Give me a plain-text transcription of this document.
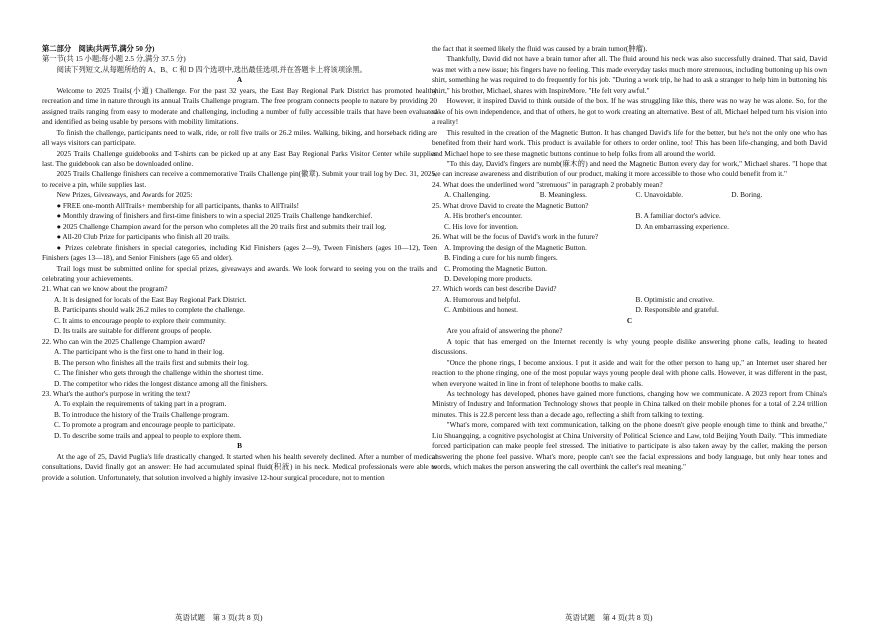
第二部分　阅读(共两节,满分 50 分)

第一节(共 15 小题;每小题 2.5 分,满分 37.5 分)

阅读下列短文,从每题所给的 A、B、C 和 D 四个选项中,选出最佳选项,并在答题卡上将该项涂黑。

A

Welcome to 2025 Trails(小道) Challenge. For the past 32 years, the East Bay Regional Park District has promoted healthy recreation and time in nature through its annual Trails Challenge program. The free program connects people to nature by providing 20 assigned trails ranging from easy to moderate and challenging, including a number of fully accessible trails that have been evaluated and identified as being usable by persons with mobility limitations.

To finish the challenge, participants need to walk, ride, or roll five trails or 26.2 miles. Walking, biking, and horseback riding are all ways visitors can participate.

2025 Trails Challenge guidebooks and T-shirts can be picked up at any East Bay Regional Parks Visitor Center while supplies last. The guidebook can also be downloaded online.

2025 Trails Challenge finishers can receive a commemorative Trails Challenge pin(徽章). Submit your trail log by Dec. 31, 2025, to receive a pin, while supplies last.

New Prizes, Giveaways, and Awards for 2025:

● FREE one-month AllTrails+ membership for all participants, thanks to AllTrails!

● Monthly drawing of finishers and first-time finishers to win a special 2025 Trails Challenge handkerchief.

● 2025 Challenge Champion award for the person who completes all the 20 trails first and submits their trail log.

● All-20 Club Prize for participants who finish all 20 trails.

● Prizes celebrate finishers in special categories, including Kid Finishers (ages 2—9), Tween Finishers (ages 10—12), Teen Finishers (ages 13—18), and Senior Finishers (age 65 and older).

Trail logs must be submitted online for special prizes, giveaways and awards. We look forward to seeing you on the trails and celebrating your achievements.

21. What can we know about the program?

A. It is designed for locals of the East Bay Regional Park District.

B. Participants should walk 26.2 miles to complete the challenge.

C. It aims to encourage people to explore their community.

D. Its trails are suitable for different groups of people.

22. Who can win the 2025 Challenge Champion award?

A. The participant who is the first one to hand in their log.

B. The person who finishes all the trails first and submits their log.

C. The finisher who gets through the challenge within the shortest time.

D. The competitor who rides the longest distance among all the finishers.

23. What's the author's purpose in writing the text?

A. To explain the requirements of taking part in a program.

B. To introduce the history of the Trails Challenge program.

C. To promote a program and encourage people to participate.

D. To describe some trails and appeal to people to explore them.

B

At the age of 25, David Puglia's life drastically changed. It started when his health severely declined. After a number of medical consultations, David finally got an answer: He had accumulated spinal fluid(积液) in his neck. Medical professionals were able to provide a solution. Unfortunately, that solution involved a highly invasive 12-hour surgical procedure, not to mention

the fact that it seemed likely the fluid was caused by a brain tumor(肿瘤).

Thankfully, David did not have a brain tumor after all. The fluid around his neck was also successfully drained. That said, David was met with a new issue; his fingers have no feeling. This made everyday tasks much more strenuous, including buttoning up his own shirt, something he was required to do frequently for his job. "During a work trip, he had to ask a stranger to help him in buttoning his shirt," his brother, Michael, shares with InspireMore. "He felt very awful."

However, it inspired David to think outside of the box. If he was struggling like this, there was no way he was alone. So, for the sake of his own independence, and that of others, he got to work creating an alternative. Best of all, Michael helped turn his vision into a reality!

This resulted in the creation of the Magnetic Button. It has changed David's life for the better, but he's not the only one who has benefited from their hard work. This product is available for others to order online, too! This has been life-changing, and both David and Michael hope to see these magnetic buttons continue to help folks from all around the world.

"To this day, David's fingers are numb(麻木的) and need the Magnetic Button every day for work," Michael shares. "I hope that we can increase awareness and distribution of our product, making it more accessible to those who could benefit from it."

24. What does the underlined word "strenuous" in paragraph 2 probably mean?

A. Challenging.	B. Meaningless.	C. Unavoidable.	D. Boring.

25. What drove David to create the Magnetic Button?

A. His brother's encounter.	B. A familiar doctor's advice.
C. His love for invention.	D. An embarrassing experience.

26. What will be the focus of David's work in the future?

A. Improving the design of the Magnetic Button.

B. Finding a cure for his numb fingers.

C. Promoting the Magnetic Button.

D. Developing more products.

27. Which words can best describe David?

A. Humorous and helpful.	B. Optimistic and creative.
C. Ambitious and honest.	D. Responsible and grateful.

C

Are you afraid of answering the phone?

A topic that has emerged on the Internet recently is why young people dislike answering phone calls, leading to heated discussions.

"Once the phone rings, I become anxious. I put it aside and wait for the other person to hang up," an Internet user shared her reaction to the phone ringing, one of the most popular ways young people deal with phone calls. However, it was different in the past, when everyone waited in line in front of telephone booths to make calls.

As technology has developed, phones have gained more functions, changing how we communicate. A 2023 report from China's Ministry of Industry and Information Technology shows that people in China talked on their mobile phones for a total of 2.24 trillion minutes. This is 22.8 percent less than a decade ago, reflecting a shift from talking to texting.

"What's more, compared with text communication, talking on the phone doesn't give people enough time to think and breathe," Liu Shuangqing, a cognitive psychologist at China University of Political Science and Law, told Beijing Youth Daily. "This immediate forced participation can make people feel stressed. The initiative to participate is also taken away by the caller, making the person answering the phone feel passive. What's more, people can't see the facial expressions and body language, but only hear tones and words, which makes the person answering the call overthink the caller's real meaning."

英语试题　第 3 页(共 8 页)	英语试题　第 4 页(共 8 页)
